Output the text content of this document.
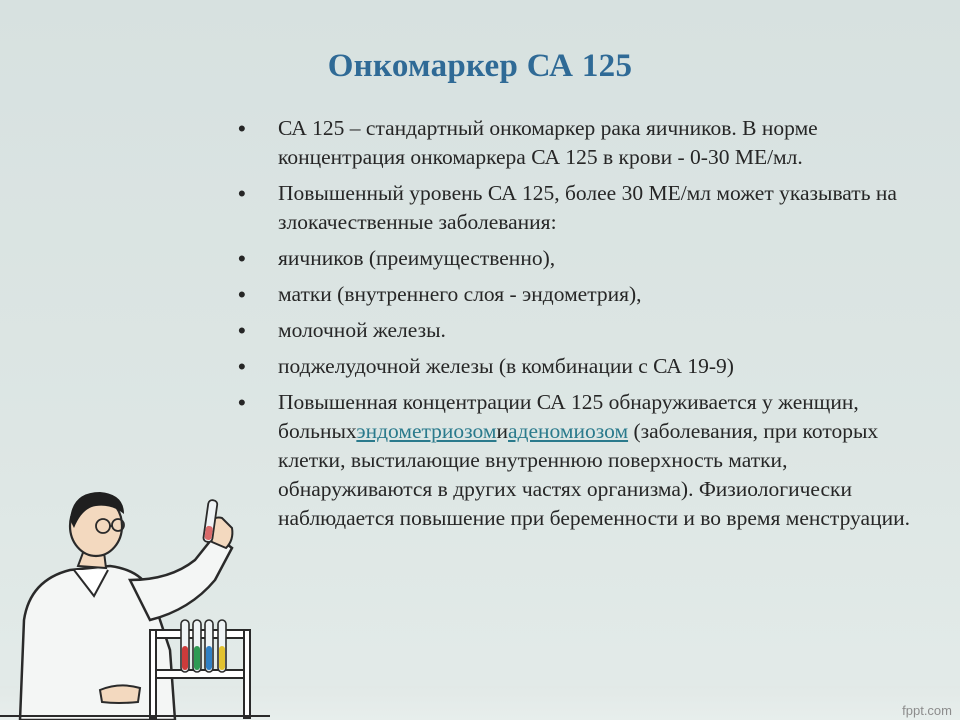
Онкомаркер СА 125
• СА 125 – стандартный онкомаркер рака яичников. В норме концентрация онкомаркера СА 125 в крови - 0-30 МЕ/мл.
• Повышенный уровень СА 125, более 30 МЕ/мл может указывать на злокачественные заболевания:
• яичников (преимущественно),
• матки (внутреннего слоя - эндометрия),
• молочной железы.
• поджелудочной железы (в комбинации с СА 19-9)
• Повышенная концентрации СА 125 обнаруживается у женщин, больныхэндометриозомиаденомиозом (заболевания, при которых клетки, выстилающие внутреннюю поверхность матки, обнаруживаются в других частях организма). Физиологически наблюдается повышение при беременности и во время менструации.
fppt.com
